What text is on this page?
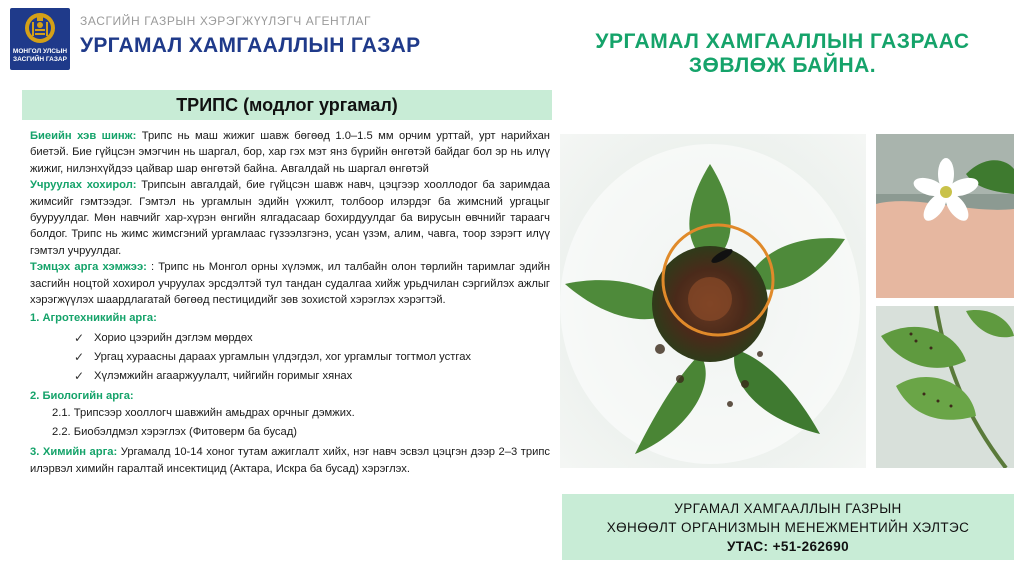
МОНГОЛ УЛСЫН
ЗАСГИЙН ГАЗАР
ЗАСГИЙН ГАЗРЫН ХЭРЭГЖҮҮЛЭГЧ АГЕНТЛАГ
УРГАМАЛ ХАМГААЛЛЫН ГАЗАР	УРГАМАЛ ХАМГААЛЛЫН ГАЗРААС
ЗӨВЛӨЖ БАЙНА.
ТРИПС (модлог ургамал)

Биеийн хэв шинж: Трипс нь маш жижиг шавж бөгөөд 1.0–1.5 мм орчим урттай, урт нарийхан биетэй. Бие гүйцсэн эмэгчин нь шаргал, бор, хар гэх мэт янз бүрийн өнгөтэй байдаг бол эр нь илүү жижиг, нилэнхүйдээ цайвар шар өнгөтэй байна. Авгалдай нь шаргал өнгөтэй

Учруулах хохирол: Трипсын авгалдай, бие гүйцсэн шавж навч, цэцгээр хооллодог ба заримдаа жимсийг гэмтээдэг. Гэмтэл нь ургамлын эдийн үхжилт, толбоор илэрдэг ба жимсний ургацыг бууруулдаг. Мөн навчийг хар-хүрэн өнгийн ялгадасаар бохирдуулдаг ба вирусын өвчнийг тараагч болдог. Трипс нь жимс жимсгэний ургамлаас гүзээлзгэнэ, усан үзэм, алим, чавга, тоор зэрэгт илүү гэмтэл учруулдаг.

Тэмцэх арга хэмжээ: : Трипс нь Монгол орны хүлэмж, ил талбайн олон төрлийн таримлаг эдийн засгийн ноцтой хохирол учруулах эрсдэлтэй тул тандан судалгаа хийж урьдчилан сэргийлэх ажлыг хэрэгжүүлэх шаардлагатай бөгөөд пестицидийг зөв зохистой хэрэглэх хэрэгтэй.

1. Агротехникийн арга:
✓ Хорио цээрийн дэглэм мөрдөх
✓ Ургац хураасны дараах ургамлын үлдэгдэл, хог ургамлыг тогтмол устгах
✓ Хүлэмжийн агааржуулалт, чийгийн горимыг хянах
2. Биологийн арга:
2.1. Трипсээр хооллогч шавжийн амьдрах орчныг дэмжих.
2.2. Биобэлдмэл хэрэглэх (Фитоверм ба бусад)

3. Химийн арга: Ургамалд 10-14 хоног тутам ажиглалт хийх, нэг навч эсвэл цэцгэн дээр 2–3 трипс илэрвэл химийн гаралтай инсектицид (Актара, Искра ба бусад) хэрэглэх.

УРГАМАЛ ХАМГААЛЛЫН ГАЗРЫН
ХӨНӨӨЛТ ОРГАНИЗМЫН МЕНЕЖМЕНТИЙН ХЭЛТЭС
УТАС: +51-262690
